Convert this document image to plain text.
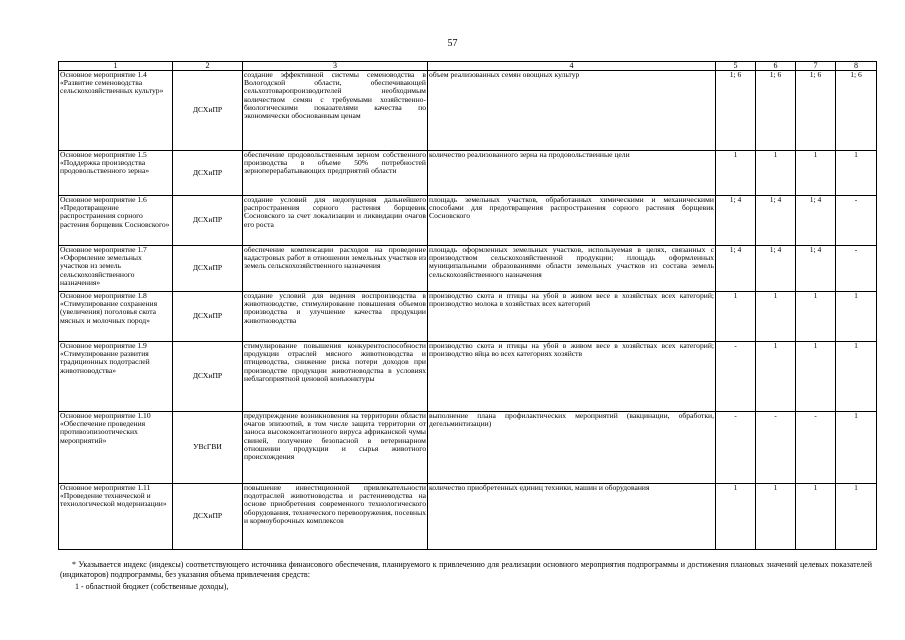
57
1	2	3	4	5	6	7	8
Основное мероприятие 1.4 «Развитие семеноводства сельскохозяйственных культур»	ДСХиПР	создание эффективной системы семеноводства в Вологодской области, обеспечивающей сельхозтоваропроизводителей необходимым количеством семян с требуемыми хозяйственно-биологическими показателями качества по экономически обоснованным ценам	объем реализованных семян овощных культур	1; 6	1; 6	1; 6	1; 6
Основное мероприятие 1.5 «Поддержка производства продовольственного зерна»	ДСХиПР	обеспечение продовольственным зерном собственного производства в объеме 50% потребностей зерноперерабатывающих предприятий области	количество реализованного зерна на продовольственные цели	1	1	1	1
Основное мероприятие 1.6 «Предотвращение распространения сорного растения борщевик Сосновского»	ДСХиПР	создание условий для недопущения дальнейшего распространения сорного растения борщевик Сосновского за счет локализации и ликвидации очагов его роста	площадь земельных участков, обработанных химическими и механическими способами для предотвращения распространения сорного растения борщевик Сосновского	1; 4	1; 4	1; 4	-
Основное мероприятие 1.7 «Оформление земельных участков из земель сельскохозяйственного назначения»	ДСХиПР	обеспечение компенсации расходов на проведение кадастровых работ в отношении земельных участков из земель сельскохозяйственного назначения	площадь оформленных земельных участков, используемая в целях, связанных с производством сельскохозяйственной продукции; площадь оформленных муниципальными образованиями области земельных участков из состава земель сельскохозяйственного назначения	1; 4	1; 4	1; 4	-
Основное мероприятие 1.8 «Стимулирование сохранения (увеличения) поголовья скота мясных и молочных пород»	ДСХиПР	создание условий для ведения воспроизводства в животноводстве, стимулирование повышения объемов производства и улучшение качества продукции животноводства	производство скота и птицы на убой в живом весе в хозяйствах всех категорий; производство молока в хозяйствах всех категорий	1	1	1	1
Основное мероприятие 1.9 «Стимулирование развития традиционных подотраслей животноводства»	ДСХиПР	стимулирование повышения конкурентоспособности продукции отраслей мясного животноводства и птицеводства, снижение риска потери доходов при производстве продукции животноводства в условиях неблагоприятной ценовой конъюнктуры	производство скота и птицы на убой в живом весе в хозяйствах всех категорий; производство яйца во всех категориях хозяйств	-	1	1	1
Основное мероприятие 1.10 «Обеспечение проведения противоэпизоотических мероприятий»	УВсГВИ	предупреждение возникновения на территории области очагов эпизоотий, в том числе защита территории от заноса высококонтагиозного вируса африканской чумы свиней, получение безопасной в ветеринарном отношении продукции и сырья животного происхождения	выполнение плана профилактических мероприятий (вакцинации, обработки, дегельминтизации)	-	-	-	1
Основное мероприятие 1.11 «Проведение технической и технологической модернизации»	ДСХиПР	повышение инвестиционной привлекательности подотраслей животноводства и растениеводства на основе приобретения современного технологического оборудования, технического перевооружения, посевных и кормоуборочных комплексов	количество приобретенных единиц техники, машин и оборудования	1	1	1	1
* Указывается индекс (индексы) соответствующего источника финансового обеспечения, планируемого к привлечению для реализации основного мероприятия подпрограммы и достижения плановых значений целевых показателей (индикаторов) подпрограммы, без указания объема привлечения средств:
1 - областной бюджет (собственные доходы),
